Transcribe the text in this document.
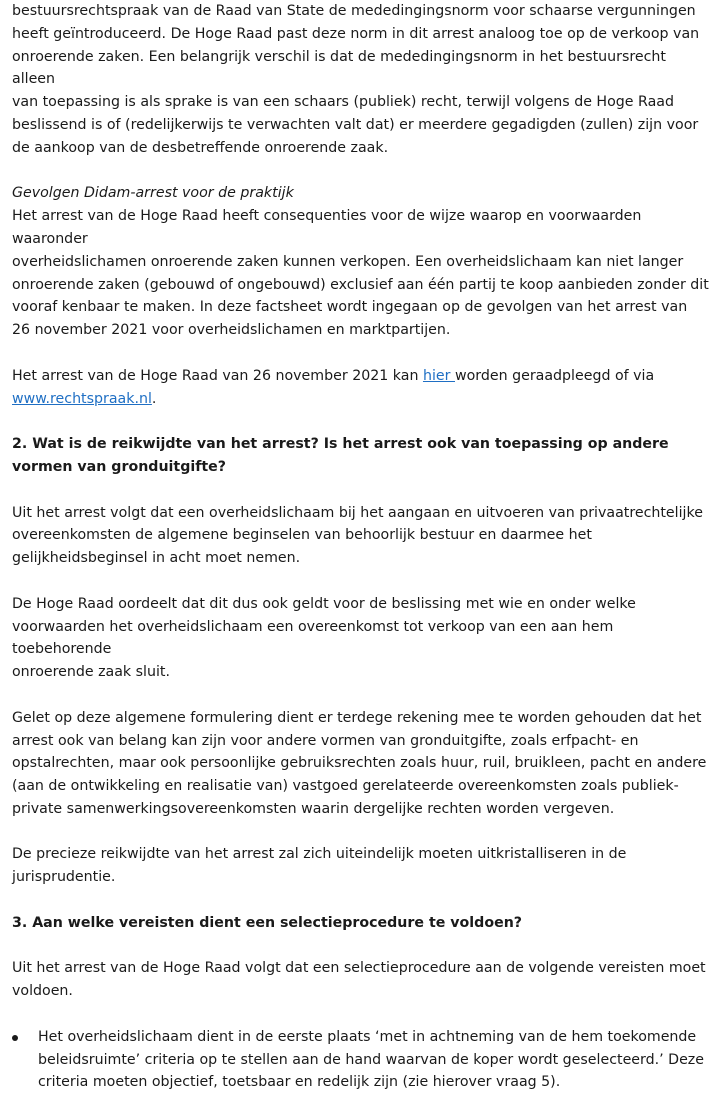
bestuursrechtspraak van de Raad van State de mededingingsnorm voor schaarse vergunningen

heeft geïntroduceerd. De Hoge Raad past deze norm in dit arrest analoog toe op de verkoop van

onroerende zaken. Een belangrijk verschil is dat de mededingingsnorm in het bestuursrecht alleen

van toepassing is als sprake is van een schaars (publiek) recht, terwijl volgens de Hoge Raad

beslissend is of (redelijkerwijs te verwachten valt dat) er meerdere gegadigden (zullen) zijn voor

de aankoop van de desbetreffende onroerende zaak.

Gevolgen Didam-arrest voor de praktijk

Het arrest van de Hoge Raad heeft consequenties voor de wijze waarop en voorwaarden waaronder

overheidslichamen onroerende zaken kunnen verkopen. Een overheidslichaam kan niet langer

onroerende zaken (gebouwd of ongebouwd) exclusief aan één partij te koop aanbieden zonder dit

vooraf kenbaar te maken. In deze factsheet wordt ingegaan op de gevolgen van het arrest van

26 november 2021 voor overheidslichamen en marktpartijen.

Het arrest van de Hoge Raad van 26 november 2021 kan hier worden geraadpleegd of via

www.rechtspraak.nl.

2. Wat is de reikwijdte van het arrest? Is het arrest ook van toepassing op andere

vormen van gronduitgifte?

Uit het arrest volgt dat een overheidslichaam bij het aangaan en uitvoeren van privaatrechtelijke

overeenkomsten de algemene beginselen van behoorlijk bestuur en daarmee het

gelijkheidsbeginsel in acht moet nemen.

De Hoge Raad oordeelt dat dit dus ook geldt voor de beslissing met wie en onder welke

voorwaarden het overheidslichaam een overeenkomst tot verkoop van een aan hem toebehorende

onroerende zaak sluit.

Gelet op deze algemene formulering dient er terdege rekening mee te worden gehouden dat het

arrest ook van belang kan zijn voor andere vormen van gronduitgifte, zoals erfpacht- en

opstalrechten, maar ook persoonlijke gebruiksrechten zoals huur, ruil, bruikleen, pacht en andere

(aan de ontwikkeling en realisatie van) vastgoed gerelateerde overeenkomsten zoals publiek-

private samenwerkingsovereenkomsten waarin dergelijke rechten worden vergeven.

De precieze reikwijdte van het arrest zal zich uiteindelijk moeten uitkristalliseren in de

jurisprudentie.

3. Aan welke vereisten dient een selectieprocedure te voldoen?

Uit het arrest van de Hoge Raad volgt dat een selectieprocedure aan de volgende vereisten moet

voldoen.

Het overheidslichaam dient in de eerste plaats ‘met in achtneming van de hem toekomende

beleidsruimte’ criteria op te stellen aan de hand waarvan de koper wordt geselecteerd.’ Deze

criteria moeten objectief, toetsbaar en redelijk zijn (zie hierover vraag 5).
